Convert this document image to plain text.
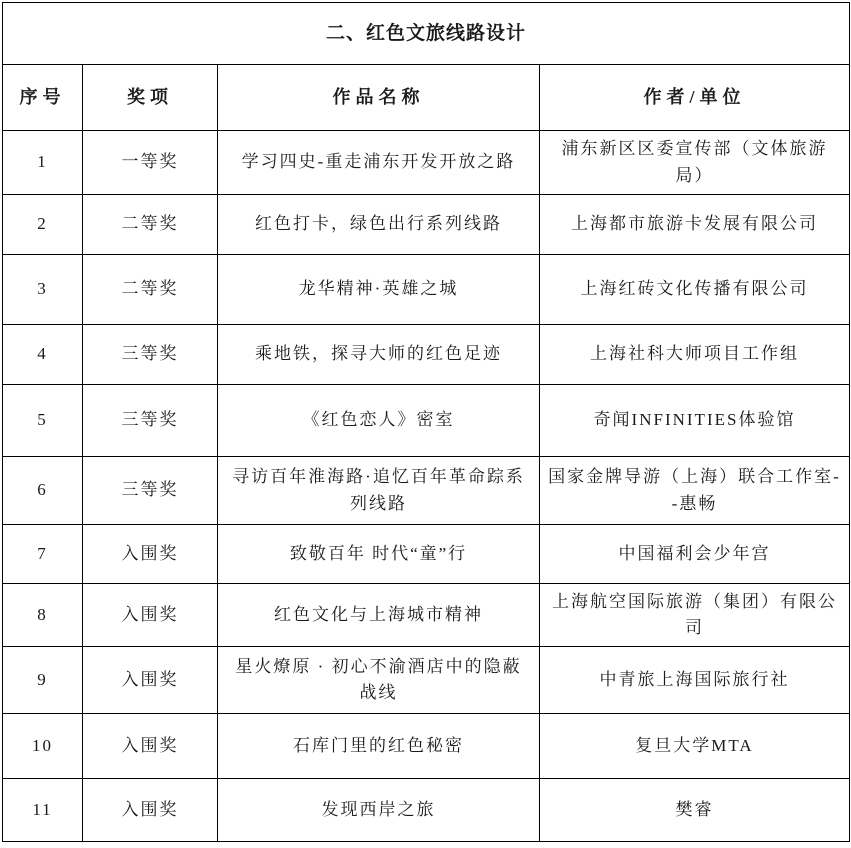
二、红色文旅线路设计			
序号	奖项	作品名称	作者/单位
1	一等奖	学习四史-重走浦东开发开放之路	浦东新区区委宣传部（文体旅游局）
2	二等奖	红色打卡，绿色出行系列线路	上海都市旅游卡发展有限公司
3	二等奖	龙华精神·英雄之城	上海红砖文化传播有限公司
4	三等奖	乘地铁，探寻大师的红色足迹	上海社科大师项目工作组
5	三等奖	《红色恋人》密室	奇闻INFINITIES体验馆
6	三等奖	寻访百年淮海路·追忆百年革命踪系列线路	国家金牌导游（上海）联合工作室--惠畅
7	入围奖	致敬百年 时代“童”行	中国福利会少年宫
8	入围奖	红色文化与上海城市精神	上海航空国际旅游（集团）有限公司
9	入围奖	星火燎原 · 初心不渝酒店中的隐蔽战线	中青旅上海国际旅行社
10	入围奖	石库门里的红色秘密	复旦大学MTA
11	入围奖	发现西岸之旅	樊睿
